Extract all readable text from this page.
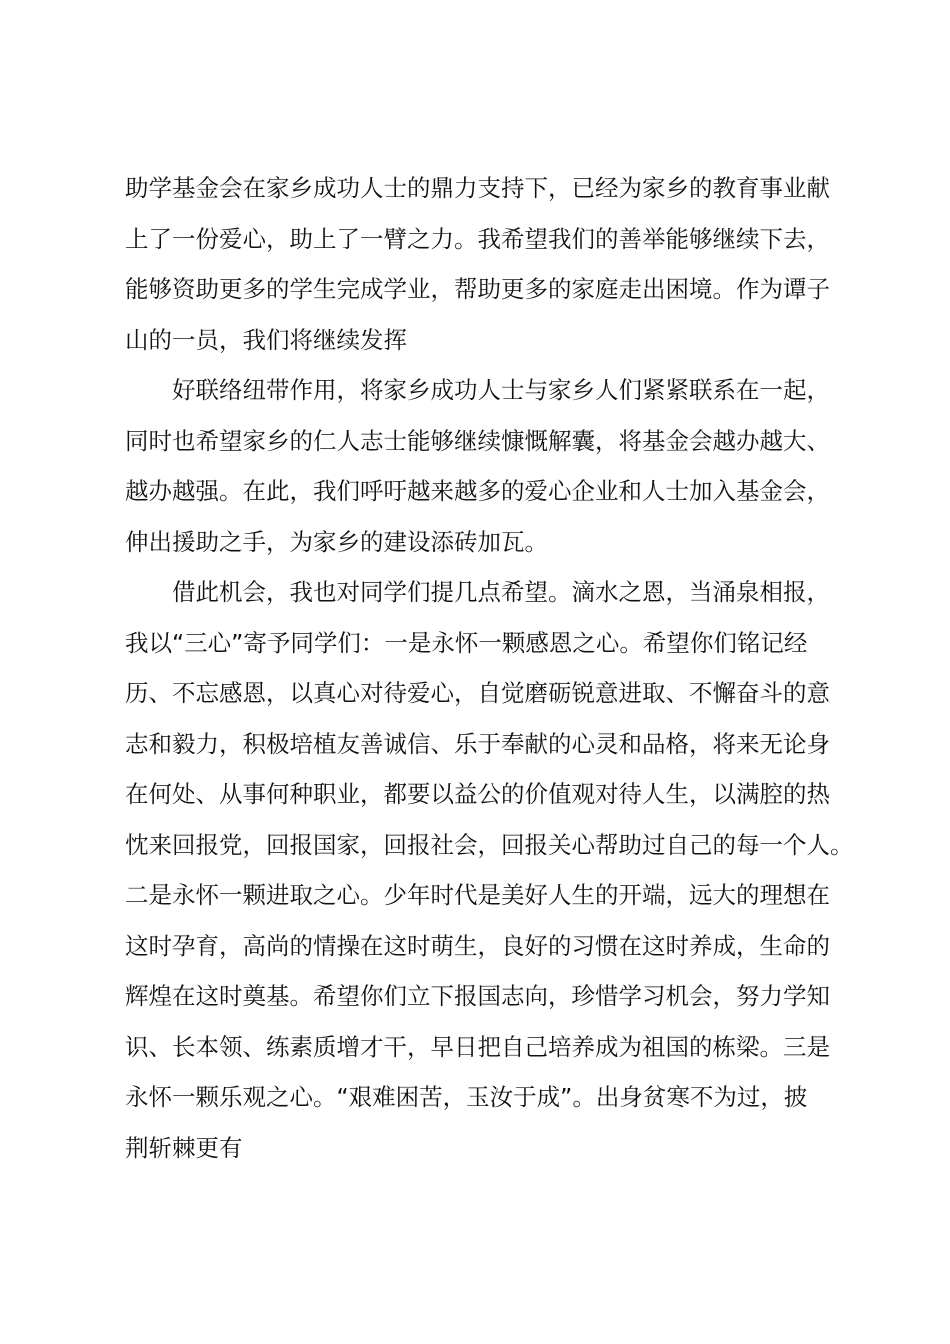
助学基金会在家乡成功人士的鼎力支持下，已经为家乡的教育事业献
上了一份爱心，助上了一臂之力。我希望我们的善举能够继续下去，
能够资助更多的学生完成学业，帮助更多的家庭走出困境。作为谭子
山的一员，我们将继续发挥
好联络纽带作用，将家乡成功人士与家乡人们紧紧联系在一起，
同时也希望家乡的仁人志士能够继续慷慨解囊，将基金会越办越大、
越办越强。在此，我们呼吁越来越多的爱心企业和人士加入基金会，
伸出援助之手，为家乡的建设添砖加瓦。
借此机会，我也对同学们提几点希望。滴水之恩，当涌泉相报，
我以“三心”寄予同学们：一是永怀一颗感恩之心。希望你们铭记经
历、不忘感恩，以真心对待爱心，自觉磨砺锐意进取、不懈奋斗的意
志和毅力，积极培植友善诚信、乐于奉献的心灵和品格，将来无论身
在何处、从事何种职业，都要以益公的价值观对待人生，以满腔的热
忱来回报党，回报国家，回报社会，回报关心帮助过自己的每一个人。
二是永怀一颗进取之心。少年时代是美好人生的开端，远大的理想在
这时孕育，高尚的情操在这时萌生，良好的习惯在这时养成，生命的
辉煌在这时奠基。希望你们立下报国志向，珍惜学习机会，努力学知
识、长本领、练素质增才干，早日把自己培养成为祖国的栋梁。三是
永怀一颗乐观之心。“艰难困苦，玉汝于成”。出身贫寒不为过，披
荆斩棘更有
